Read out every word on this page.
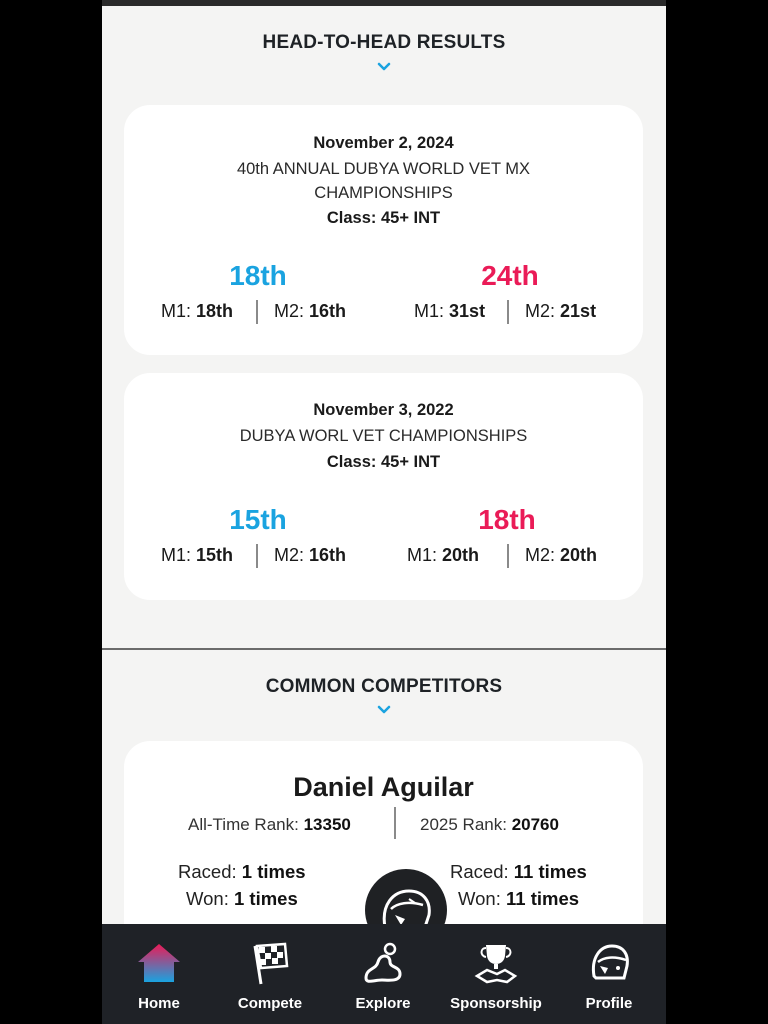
HEAD-TO-HEAD RESULTS
November 2, 2024
40th ANNUAL DUBYA WORLD VET MX
CHAMPIONSHIPS
Class: 45+ INT
18th
M1: 18th M2: 16th
24th
M1: 31st M2: 21st
November 3, 2022
DUBYA WORL VET CHAMPIONSHIPS
Class: 45+ INT
15th
M1: 15th M2: 16th
18th
M1: 20th	M2: 20th
COMMON COMPETITORS
Daniel Aguilar
All-Time Rank: 13350	2025 Rank: 20760
Raced: 1 times
Won: 1 times
Raced: 11 times
Won: 11 times
Home	Compete	Explore	Sponsorship	Profile
